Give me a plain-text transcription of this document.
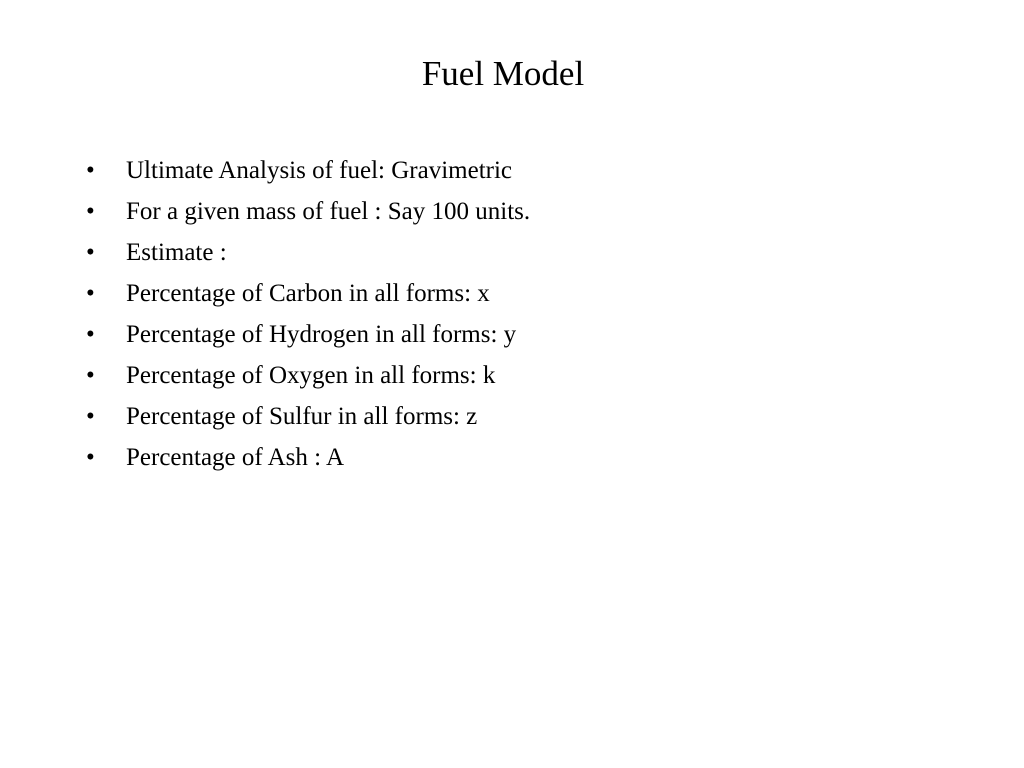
Fuel Model
•	Ultimate Analysis of fuel: Gravimetric
•	For a given mass of fuel : Say 100 units.
•	Estimate :
•	Percentage of Carbon in all forms: x
•	Percentage of Hydrogen in all forms: y
•	Percentage of Oxygen in all forms: k
•	Percentage of Sulfur in all forms: z
•	Percentage of Ash : A
